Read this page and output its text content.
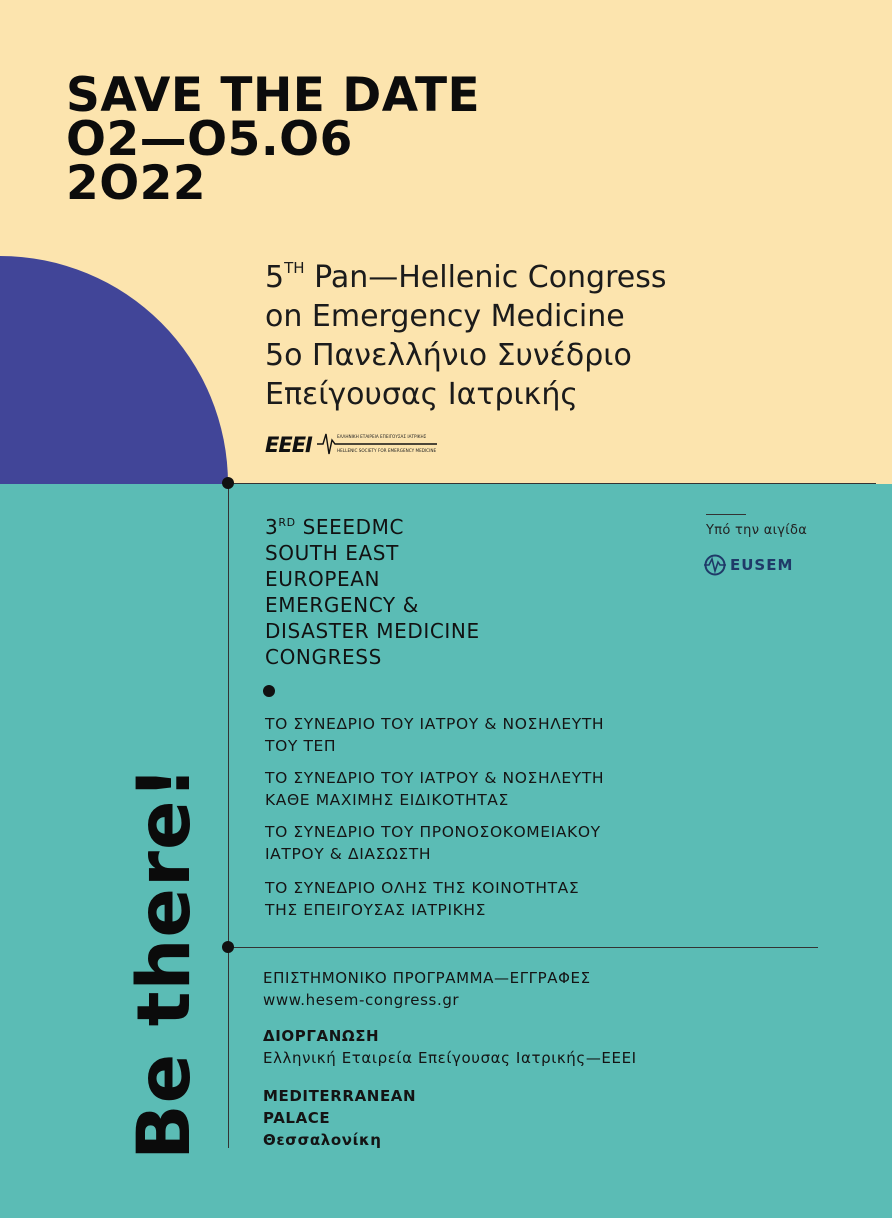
SAVE THE DATE
O2—O5.O6
2O22
5TH Pan—Hellenic Congress
on Emergency Medicine
5ο Πανελλήνιο Συνέδριο
Επείγουσας Ιατρικής
ΕΕΕΙ	ΕΛΛΗΝΙΚΗ ΕΤΑΙΡΕΙΑ ΕΠΕΙΓΟΥΣΑΣ ΙΑΤΡΙΚΗΣ
HELLENIC SOCIETY FOR EMERGENCY MEDICINE
3RD SEEEDMC
SOUTH EAST
EUROPEAN
EMERGENCY &
DISASTER MEDICINE
CONGRESS
Υπό την αιγίδα
EUSEM
ΤΟ ΣΥΝΕΔΡΙΟ ΤΟΥ ΙΑΤΡΟΥ & ΝΟΣΗΛΕΥΤΗ
ΤΟΥ ΤΕΠ
ΤΟ ΣΥΝΕΔΡΙΟ ΤΟΥ ΙΑΤΡΟΥ & ΝΟΣΗΛΕΥΤΗ
ΚΑΘΕ ΜΑΧΙΜΗΣ ΕΙΔΙΚΟΤΗΤΑΣ
ΤΟ ΣΥΝΕΔΡΙΟ ΤΟΥ ΠΡΟΝΟΣΟΚΟΜΕΙΑΚΟΥ
ΙΑΤΡΟΥ & ΔΙΑΣΩΣΤΗ
ΤΟ ΣΥΝΕΔΡΙΟ ΟΛΗΣ ΤΗΣ ΚΟΙΝΟΤΗΤΑΣ
ΤΗΣ ΕΠΕΙΓΟΥΣΑΣ ΙΑΤΡΙΚΗΣ
ΕΠΙΣΤΗΜΟΝΙΚΟ ΠΡΟΓΡΑΜΜΑ—ΕΓΓΡΑΦΕΣ
www.hesem-congress.gr
ΔΙΟΡΓΑΝΩΣΗ
Ελληνική Εταιρεία Επείγουσας Ιατρικής—ΕΕΕΙ
MEDITERRANEAN
PALACE
Θεσσαλονίκη
Be there!
